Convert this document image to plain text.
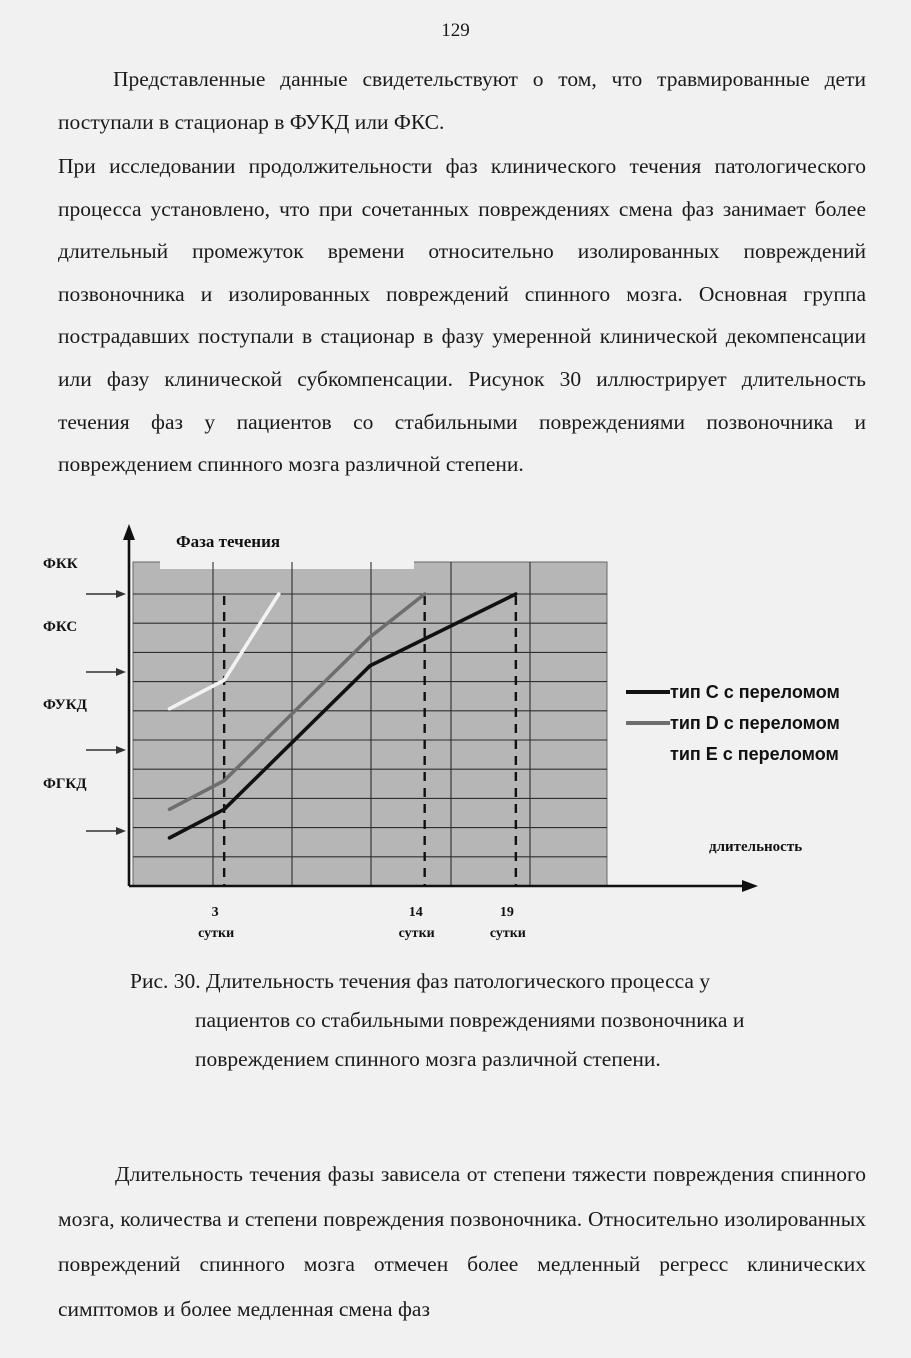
129

Представленные данные свидетельствуют о том, что травмированные дети поступали в стационар в ФУКД или ФКС.

При исследовании продолжительности фаз клинического течения патологического процесса установлено, что при сочетанных повреждениях смена фаз занимает более длительный промежуток времени относительно изолированных повреждений позвоночника и изолированных повреждений спинного мозга. Основная группа пострадавших поступали в стационар в фазу умеренной клинической декомпенсации или фазу клинической субкомпенсации. Рисунок 30 иллюстрирует длительность течения фаз у пациентов со стабильными повреждениями позвоночника и повреждением спинного мозга различной степени.

ФГКД
ФУКД
ФКС
ФКК
Фаза течения
3
сутки
14
сутки
19
сутки
длительность
тип С с переломом
тип D с переломом
тип E с переломом

Рис. 30. Длительность течения фаз патологического процесса у
пациентов со стабильными повреждениями позвоночника и повреждением спинного мозга различной степени.

Длительность течения фазы зависела от степени тяжести повреждения спинного мозга, количества и степени повреждения позвоночника. Относительно изолированных повреждений спинного мозга отмечен более медленный регресс клинических симптомов и более медленная смена фаз
